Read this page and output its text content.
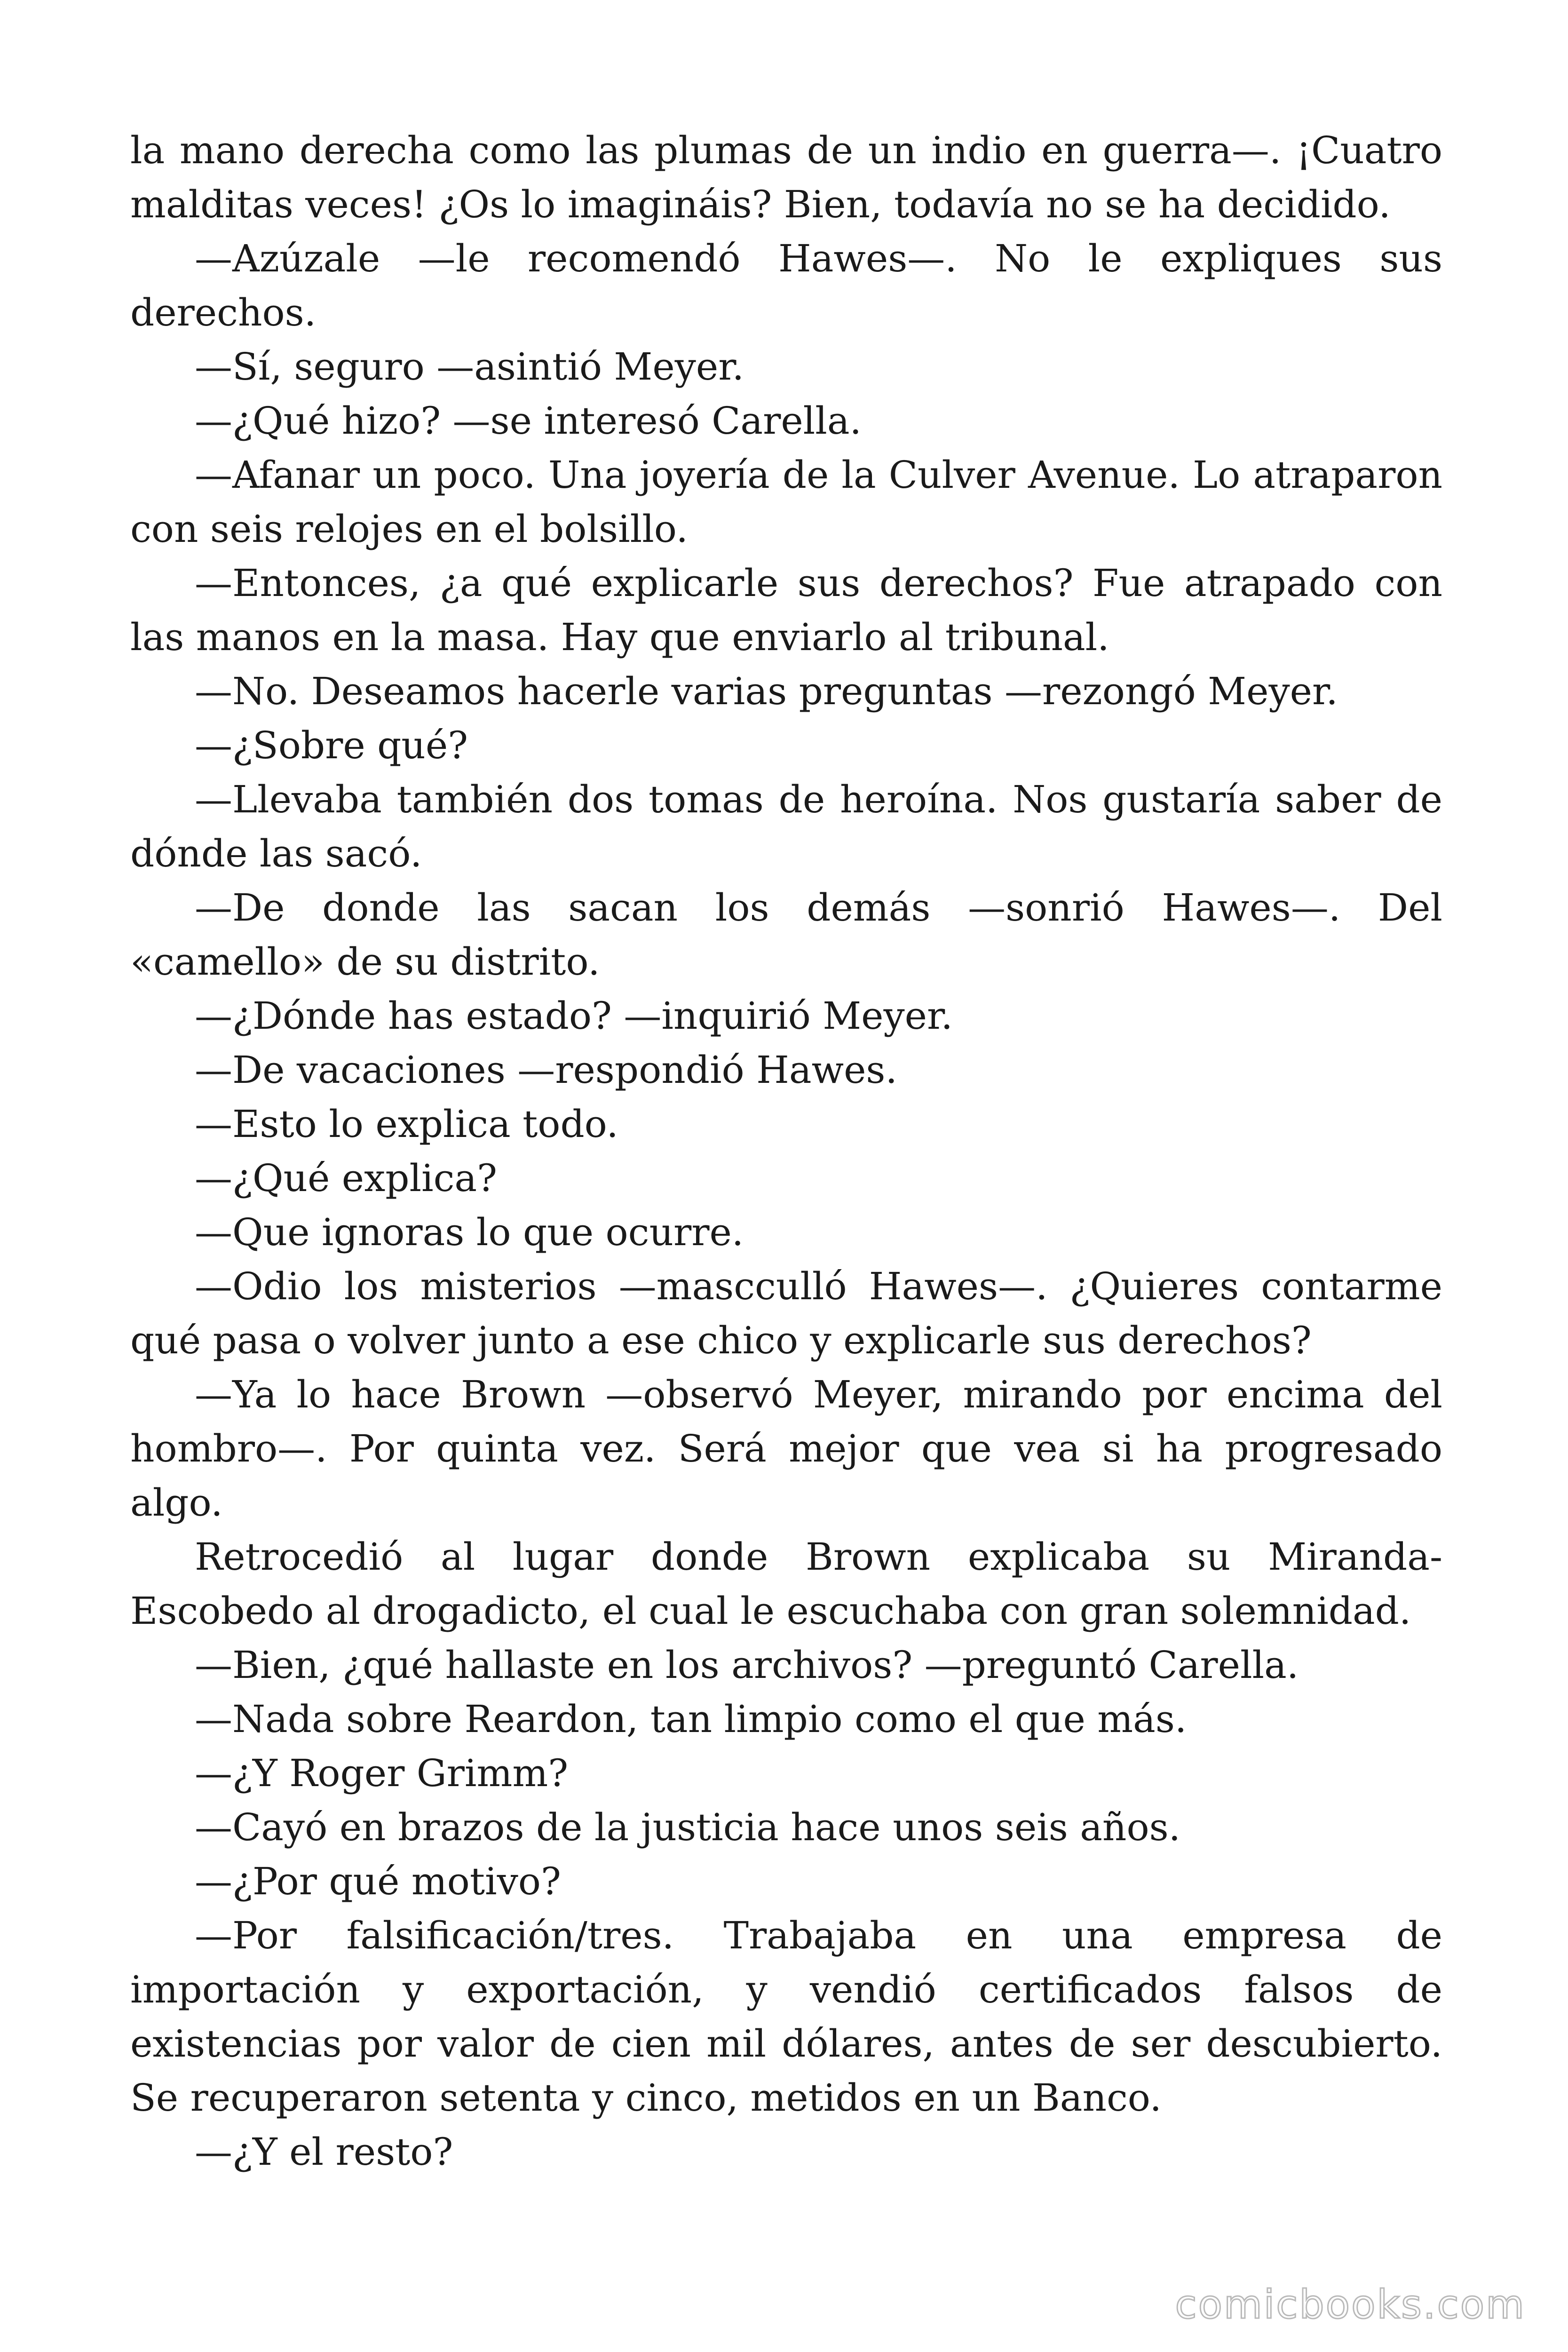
la mano derecha como las plumas de un indio en guerra—. ¡Cuatro malditas veces! ¿Os lo imagináis? Bien, todavía no se ha decidido.

—Azúzale —le recomendó Hawes—. No le expliques sus derechos.

—Sí, seguro —asintió Meyer.

—¿Qué hizo? —se interesó Carella.

—Afanar un poco. Una joyería de la Culver Avenue. Lo atraparon con seis relojes en el bolsillo.

—Entonces, ¿a qué explicarle sus derechos? Fue atrapado con las manos en la masa. Hay que enviarlo al tribunal.

—No. Deseamos hacerle varias preguntas —rezongó Meyer.

—¿Sobre qué?

—Llevaba también dos tomas de heroína. Nos gustaría saber de dónde las sacó.

—De donde las sacan los demás —sonrió Hawes—. Del «camello» de su distrito.

—¿Dónde has estado? —inquirió Meyer.

—De vacaciones —respondió Hawes.

—Esto lo explica todo.

—¿Qué explica?

—Que ignoras lo que ocurre.

—Odio los misterios —mascculló Hawes—. ¿Quieres contarme qué pasa o volver junto a ese chico y explicarle sus derechos?

—Ya lo hace Brown —observó Meyer, mirando por encima del hombro—. Por quinta vez. Será mejor que vea si ha progresado algo.

Retrocedió al lugar donde Brown explicaba su Miranda-Escobedo al drogadicto, el cual le escuchaba con gran solemnidad.

—Bien, ¿qué hallaste en los archivos? —preguntó Carella.

—Nada sobre Reardon, tan limpio como el que más.

—¿Y Roger Grimm?

—Cayó en brazos de la justicia hace unos seis años.

—¿Por qué motivo?

—Por falsificación/tres. Trabajaba en una empresa de importación y exportación, y vendió certificados falsos de existencias por valor de cien mil dólares, antes de ser descubierto. Se recuperaron setenta y cinco, metidos en un Banco.

—¿Y el resto?

comicbooks.com
